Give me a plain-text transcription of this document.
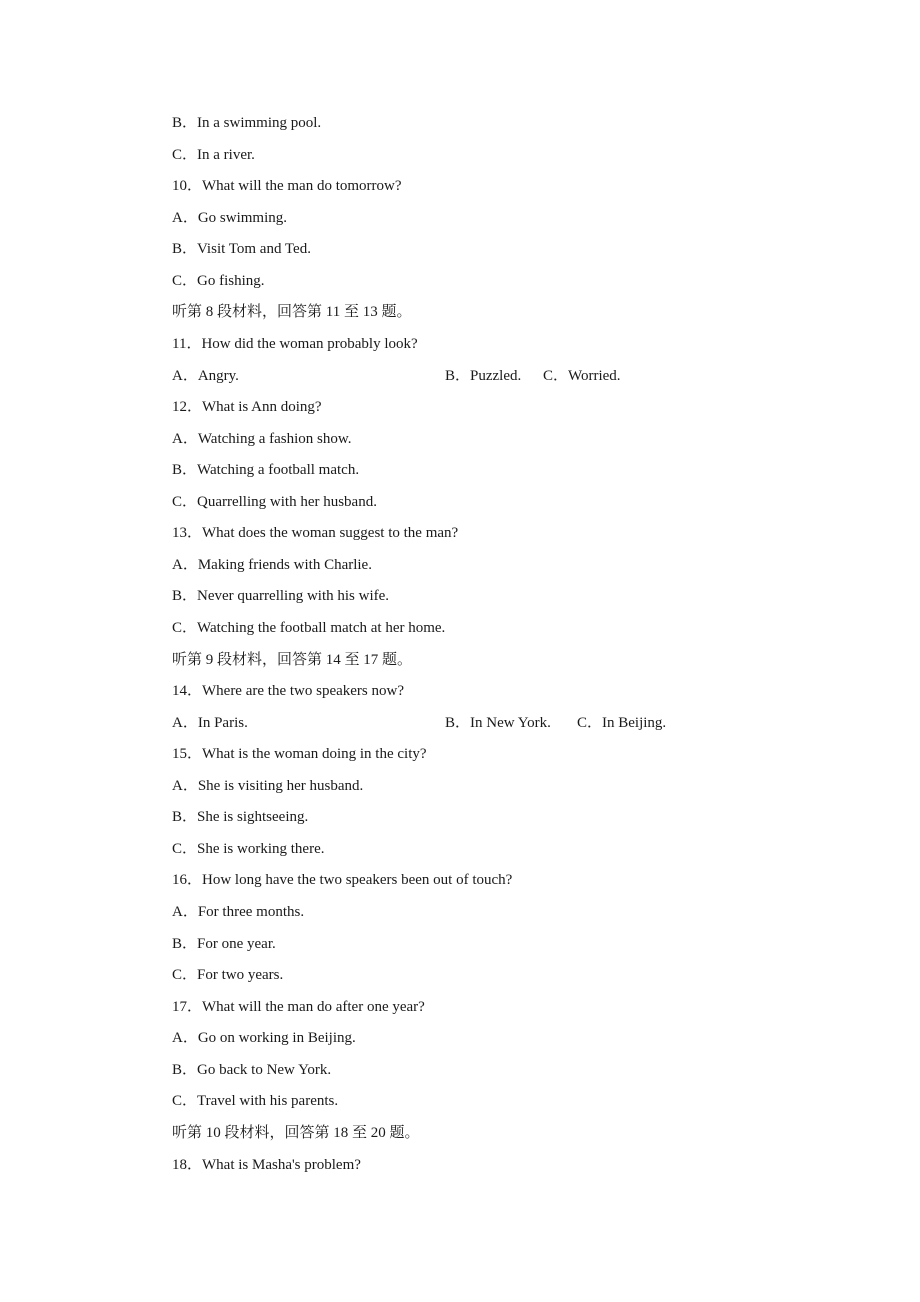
B．In a swimming pool.
C．In a river.
10．What will the man do tomorrow?
A．Go swimming.
B．Visit Tom and Ted.
C．Go fishing.
听第 8 段材料，回答第 11 至 13 题。
11．How did the woman probably look?
A．Angry.	B．Puzzled. C．Worried.
12．What is Ann doing?
A．Watching a fashion show.
B．Watching a football match.
C．Quarrelling with her husband.
13．What does the woman suggest to the man?
A．Making friends with Charlie.
B．Never quarrelling with his wife.
C．Watching the football match at her home.
听第 9 段材料，回答第 14 至 17 题。
14．Where are the two speakers now?
A．In Paris.	B．In New York. C．In Beijing.
15．What is the woman doing in the city?
A．She is visiting her husband.
B．She is sightseeing.
C．She is working there.
16．How long have the two speakers been out of touch?
A．For three months.
B．For one year.
C．For two years.
17．What will the man do after one year?
A．Go on working in Beijing.
B．Go back to New York.
C．Travel with his parents.
听第 10 段材料，回答第 18 至 20 题。
18．What is Masha's problem?
